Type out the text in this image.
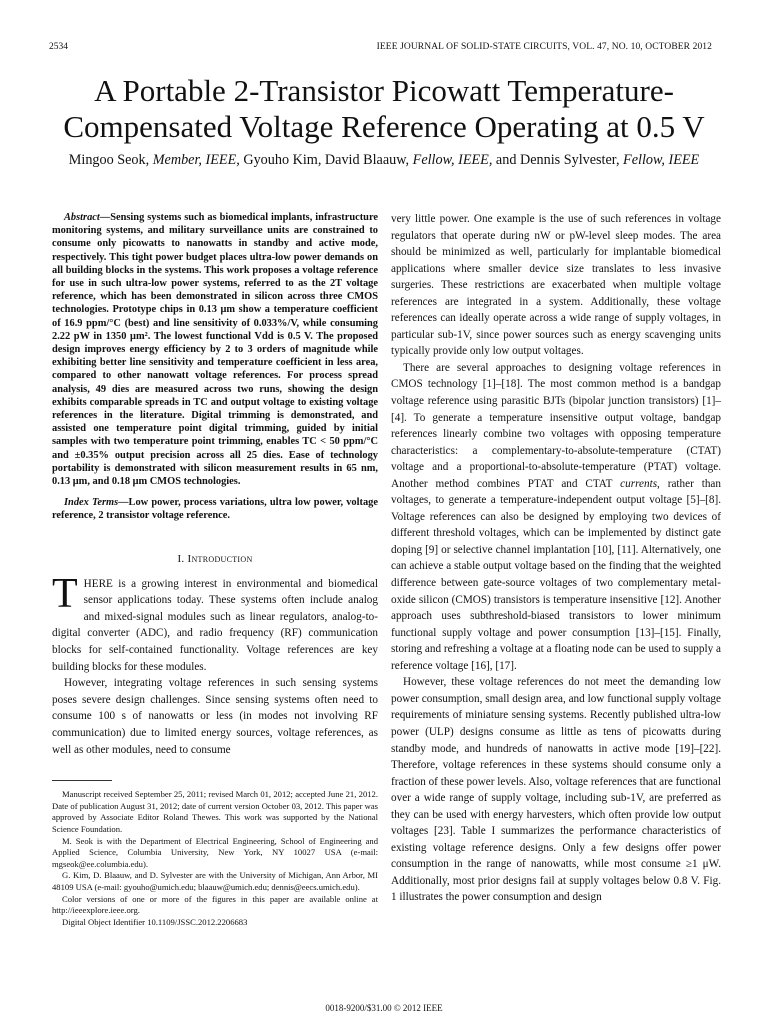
2534	IEEE JOURNAL OF SOLID-STATE CIRCUITS, VOL. 47, NO. 10, OCTOBER 2012
A Portable 2-Transistor Picowatt Temperature-
Compensated Voltage Reference Operating at 0.5 V
Mingoo Seok, Member, IEEE, Gyouho Kim, David Blaauw, Fellow, IEEE, and Dennis Sylvester, Fellow, IEEE

Abstract—Sensing systems such as biomedical implants, infrastructure monitoring systems, and military surveillance units are constrained to consume only picowatts to nanowatts in standby and active mode, respectively. This tight power budget places ultra-low power demands on all building blocks in the systems. This work proposes a voltage reference for use in such ultra-low power systems, referred to as the 2T voltage reference, which has been demonstrated in silicon across three CMOS technologies. Prototype chips in 0.13 μm show a temperature coefficient of 16.9 ppm/°C (best) and line sensitivity of 0.033%/V, while consuming 2.22 pW in 1350 μm². The lowest functional Vdd is 0.5 V. The proposed design improves energy efficiency by 2 to 3 orders of magnitude while exhibiting better line sensitivity and temperature coefficient in less area, compared to other nanowatt voltage references. For process spread analysis, 49 dies are measured across two runs, showing the design exhibits comparable spreads in TC and output voltage to existing voltage references in the literature. Digital trimming is demonstrated, and assisted one temperature point digital trimming, guided by initial samples with two temperature point trimming, enables TC < 50 ppm/°C and ±0.35% output precision across all 25 dies. Ease of technology portability is demonstrated with silicon measurement results in 65 nm, 0.13 μm, and 0.18 μm CMOS technologies.

Index Terms—Low power, process variations, ultra low power, voltage reference, 2 transistor voltage reference.

I. Introduction

THERE is a growing interest in environmental and biomedical sensor applications today. These systems often include analog and mixed-signal modules such as linear regulators, analog-to-digital converter (ADC), and radio frequency (RF) communication blocks for self-contained functionality. Voltage references are key building blocks for these modules.

However, integrating voltage references in such sensing systems poses severe design challenges. Since sensing systems often need to consume 100 s of nanowatts or less (in modes not involving RF communication) due to limited energy sources, voltage references, as well as other modules, need to consume

Manuscript received September 25, 2011; revised March 01, 2012; accepted June 21, 2012. Date of publication August 31, 2012; date of current version October 03, 2012. This paper was approved by Associate Editor Roland Thewes. This work was supported by the National Science Foundation.

M. Seok is with the Department of Electrical Engineering, School of Engineering and Applied Science, Columbia University, New York, NY 10027 USA (e-mail: mgseok@ee.columbia.edu).

G. Kim, D. Blaauw, and D. Sylvester are with the University of Michigan, Ann Arbor, MI 48109 USA (e-mail: gyouho@umich.edu; blaauw@umich.edu; dennis@eecs.umich.edu).

Color versions of one or more of the figures in this paper are available online at http://ieeexplore.ieee.org.

Digital Object Identifier 10.1109/JSSC.2012.2206683

very little power. One example is the use of such references in voltage regulators that operate during nW or pW-level sleep modes. The area should be minimized as well, particularly for implantable biomedical applications where smaller device size translates to less invasive surgeries. These restrictions are exacerbated when multiple voltage references are integrated in a system. Additionally, these voltage references can ideally operate across a wide range of supply voltages, in particular sub-1V, since power sources such as energy scavenging units typically provide only low output voltages.

There are several approaches to designing voltage references in CMOS technology [1]–[18]. The most common method is a bandgap voltage reference using parasitic BJTs (bipolar junction transistors) [1]–[4]. To generate a temperature insensitive output voltage, bandgap references linearly combine two voltages with opposing temperature characteristics: a complementary-to-absolute-temperature (CTAT) voltage and a proportional-to-absolute-temperature (PTAT) voltage. Another method combines PTAT and CTAT currents, rather than voltages, to generate a temperature-independent output voltage [5]–[8]. Voltage references can also be designed by employing two devices of different threshold voltages, which can be implemented by distinct gate doping [9] or selective channel implantation [10], [11]. Alternatively, one can achieve a stable output voltage based on the finding that the weighted difference between gate-source voltages of two complementary metal-oxide silicon (CMOS) transistors is temperature insensitive [12]. Another approach uses subthreshold-biased transistors to lower minimum functional supply voltage and power consumption [13]–[15]. Finally, storing and refreshing a voltage at a floating node can be used to supply a reference voltage [16], [17].

However, these voltage references do not meet the demanding low power consumption, small design area, and low functional supply voltage requirements of miniature sensing systems. Recently published ultra-low power (ULP) designs consume as little as tens of picowatts during standby mode, and hundreds of nanowatts in active mode [19]–[22]. Therefore, voltage references in these systems should consume only a fraction of these power levels. Also, voltage references that are functional over a wide range of supply voltage, including sub-1V, are preferred as they can be used with energy harvesters, which often provide low output voltages [23]. Table I summarizes the performance characteristics of existing voltage reference designs. Only a few designs offer power consumption in the range of nanowatts, while most consume ≥1 μW. Additionally, most prior designs fail at supply voltages below 0.8 V. Fig. 1 illustrates the power consumption and design

0018-9200/$31.00 © 2012 IEEE
